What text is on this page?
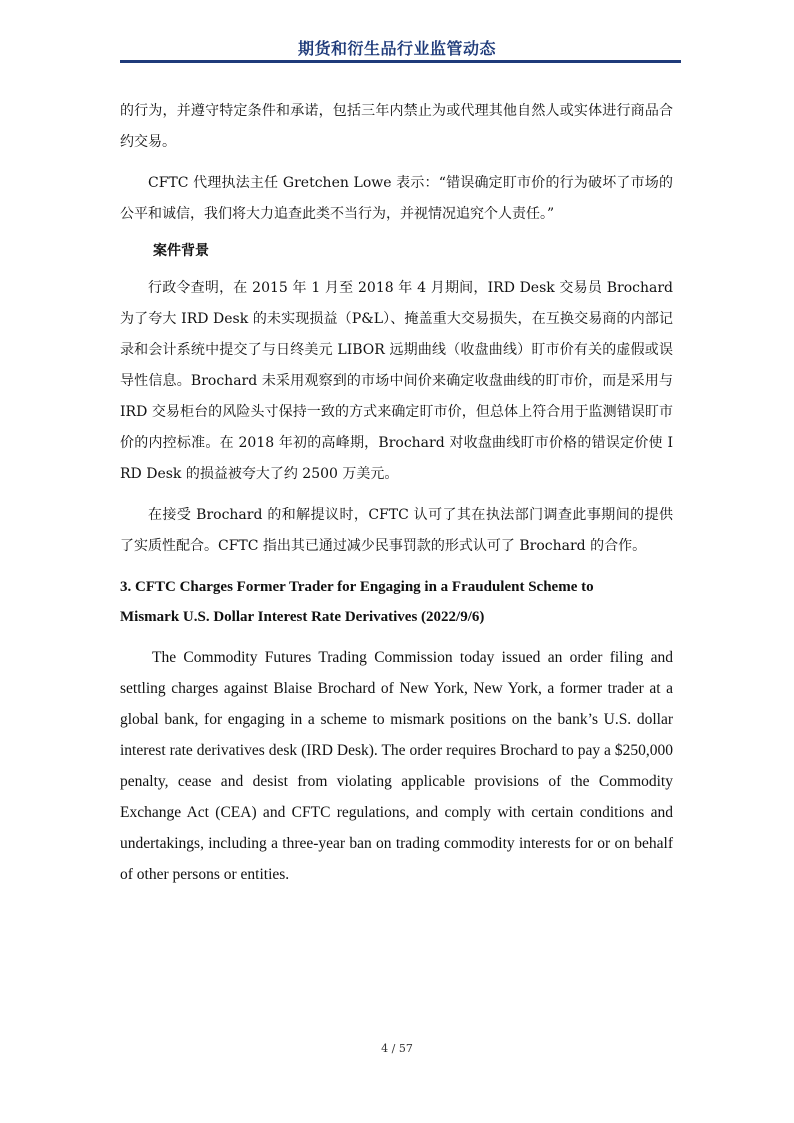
期货和衍生品行业监管动态

的行为，并遵守特定条件和承诺，包括三年内禁止为或代理其他自然人或实体进行商品合约交易。

CFTC 代理执法主任 Gretchen Lowe 表示：“错误确定盯市价的行为破坏了市场的公平和诚信，我们将大力追查此类不当行为，并视情况追究个人责任。”

案件背景

行政令查明，在 2015 年 1 月至 2018 年 4 月期间，IRD Desk 交易员 Brochard 为了夸大 IRD Desk 的未实现损益（P&L）、掩盖重大交易损失，在互换交易商的内部记录和会计系统中提交了与日终美元 LIBOR 远期曲线（收盘曲线）盯市价有关的虚假或误导性信息。Brochard 未采用观察到的市场中间价来确定收盘曲线的盯市价，而是采用与 IRD 交易柜台的风险头寸保持一致的方式来确定盯市价，但总体上符合用于监测错误盯市价的内控标准。在 2018 年初的高峰期，Brochard 对收盘曲线盯市价格的错误定价使 IRD Desk 的损益被夸大了约 2500 万美元。

在接受 Brochard 的和解提议时，CFTC 认可了其在执法部门调查此事期间的提供了实质性配合。CFTC 指出其已通过减少民事罚款的形式认可了 Brochard 的合作。

3. CFTC Charges Former Trader for Engaging in a Fraudulent Scheme to

Mismark U.S. Dollar Interest Rate Derivatives (2022/9/6)

The Commodity Futures Trading Commission today issued an order filing and settling charges against Blaise Brochard of New York, New York, a former trader at a global bank, for engaging in a scheme to mismark positions on the bank’s U.S. dollar interest rate derivatives desk (IRD Desk). The order requires Brochard to pay a $250,000 penalty, cease and desist from violating applicable provisions of the Commodity Exchange Act (CEA) and CFTC regulations, and comply with certain conditions and undertakings, including a three-year ban on trading commodity interests for or on behalf of other persons or entities.

4 / 57
